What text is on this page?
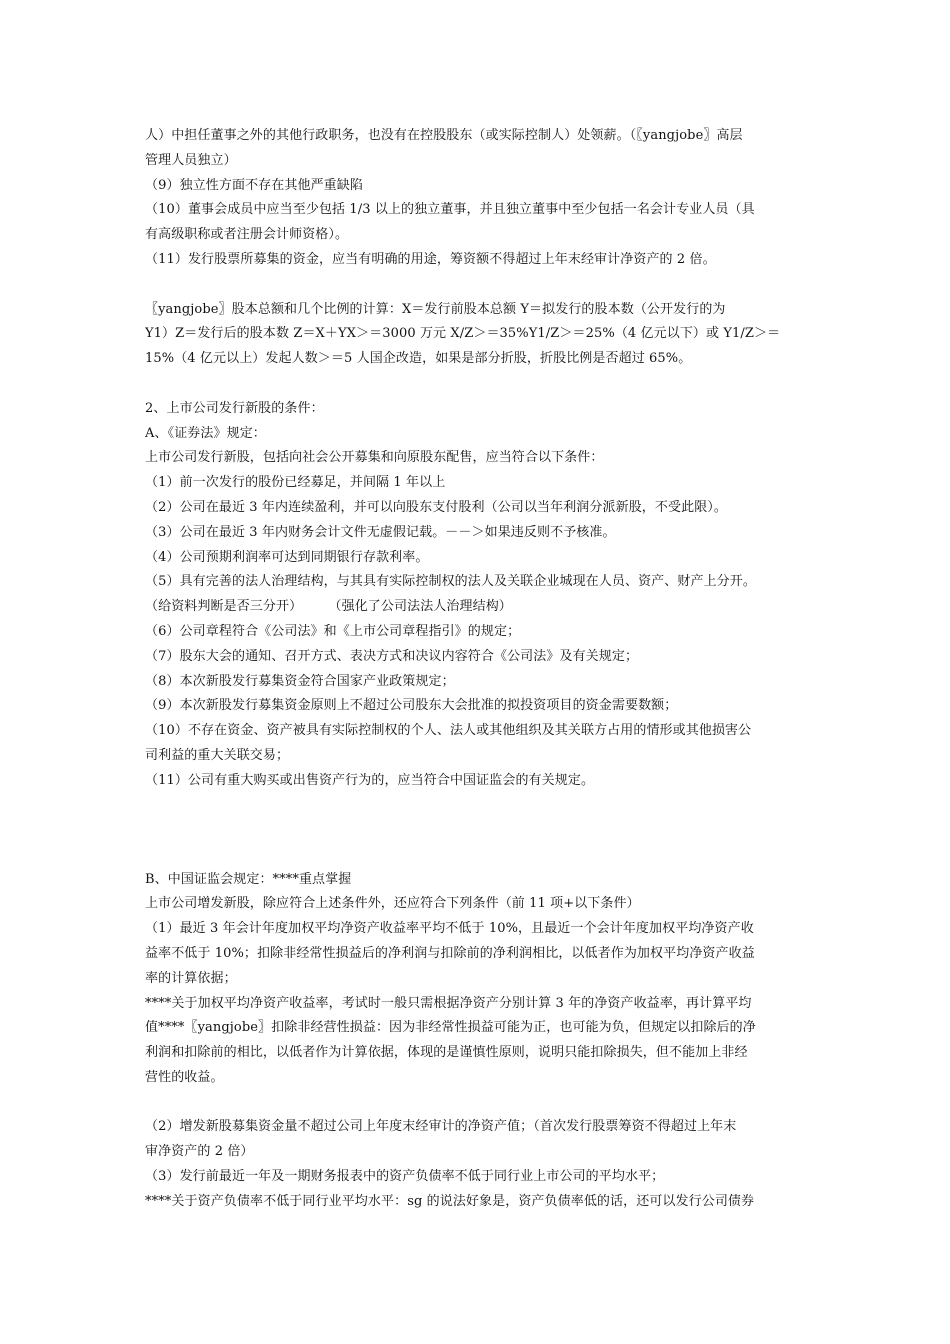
人）中担任董事之外的其他行政职务，也没有在控股股东（或实际控制人）处领薪。（〖yangjobe〗高层
管理人员独立）
（9）独立性方面不存在其他严重缺陷
（10）董事会成员中应当至少包括 1/3 以上的独立董事，并且独立董事中至少包括一名会计专业人员（具
有高级职称或者注册会计师资格）。
（11）发行股票所募集的资金，应当有明确的用途，筹资额不得超过上年末经审计净资产的 2 倍。
〖yangjobe〗股本总额和几个比例的计算：X＝发行前股本总额 Y＝拟发行的股本数（公开发行的为
Y1）Z＝发行后的股本数 Z＝X＋YX＞＝3000 万元 X/Z＞＝35%Y1/Z＞＝25%（4 亿元以下）或 Y1/Z＞＝
15%（4 亿元以上）发起人数＞＝5 人国企改造，如果是部分折股，折股比例是否超过 65%。
2、上市公司发行新股的条件：
A、《证券法》规定：
上市公司发行新股，包括向社会公开募集和向原股东配售，应当符合以下条件：
（1）前一次发行的股份已经募足，并间隔 1 年以上
（2）公司在最近 3 年内连续盈利，并可以向股东支付股利（公司以当年利润分派新股，不受此限）。
（3）公司在最近 3 年内财务会计文件无虚假记载。－－＞如果违反则不予核准。
（4）公司预期利润率可达到同期银行存款利率。
（5）具有完善的法人治理结构，与其具有实际控制权的法人及关联企业城现在人员、资产、财产上分开。
（给资料判断是否三分开）　　　（强化了公司法法人治理结构）
（6）公司章程符合《公司法》和《上市公司章程指引》的规定；
（7）股东大会的通知、召开方式、表决方式和决议内容符合《公司法》及有关规定；
（8）本次新股发行募集资金符合国家产业政策规定；
（9）本次新股发行募集资金原则上不超过公司股东大会批准的拟投资项目的资金需要数额；
（10）不存在资金、资产被具有实际控制权的个人、法人或其他组织及其关联方占用的情形或其他损害公
司利益的重大关联交易；
（11）公司有重大购买或出售资产行为的，应当符合中国证监会的有关规定。
B、中国证监会规定：****重点掌握
上市公司增发新股，除应符合上述条件外，还应符合下列条件（前 11 项+以下条件）
（1）最近 3 年会计年度加权平均净资产收益率平均不低于 10%，且最近一个会计年度加权平均净资产收
益率不低于 10%；扣除非经常性损益后的净利润与扣除前的净利润相比，以低者作为加权平均净资产收益
率的计算依据；
****关于加权平均净资产收益率，考试时一般只需根据净资产分别计算 3 年的净资产收益率，再计算平均
值****〖yangjobe〗扣除非经营性损益：因为非经常性损益可能为正，也可能为负，但规定以扣除后的净
利润和扣除前的相比，以低者作为计算依据，体现的是谨慎性原则，说明只能扣除损失，但不能加上非经
营性的收益。
（2）增发新股募集资金量不超过公司上年度末经审计的净资产值；（首次发行股票筹资不得超过上年末
审净资产的 2 倍）
（3）发行前最近一年及一期财务报表中的资产负债率不低于同行业上市公司的平均水平；
****关于资产负债率不低于同行业平均水平：sg 的说法好象是，资产负债率低的话，还可以发行公司债券
